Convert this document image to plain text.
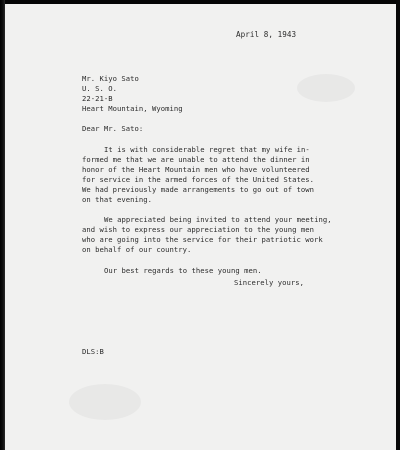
April 8, 1943

Mr. Kiyo Sato

U. S. O.

22-21-B

Heart Mountain, Wyoming

Dear Mr. Sato:

It is with considerable regret that my wife in-

formed me that we are unable to attend the dinner in

honor of the Heart Mountain men who have volunteered

for service in the armed forces of the United States.

We had previously made arrangements to go out of town

on that evening.

We appreciated being invited to attend your meeting,

and wish to express our appreciation to the young men

who are going into the service for their patriotic work

on behalf of our country.

Our best regards to these young men.

Sincerely yours,

DLS:B
